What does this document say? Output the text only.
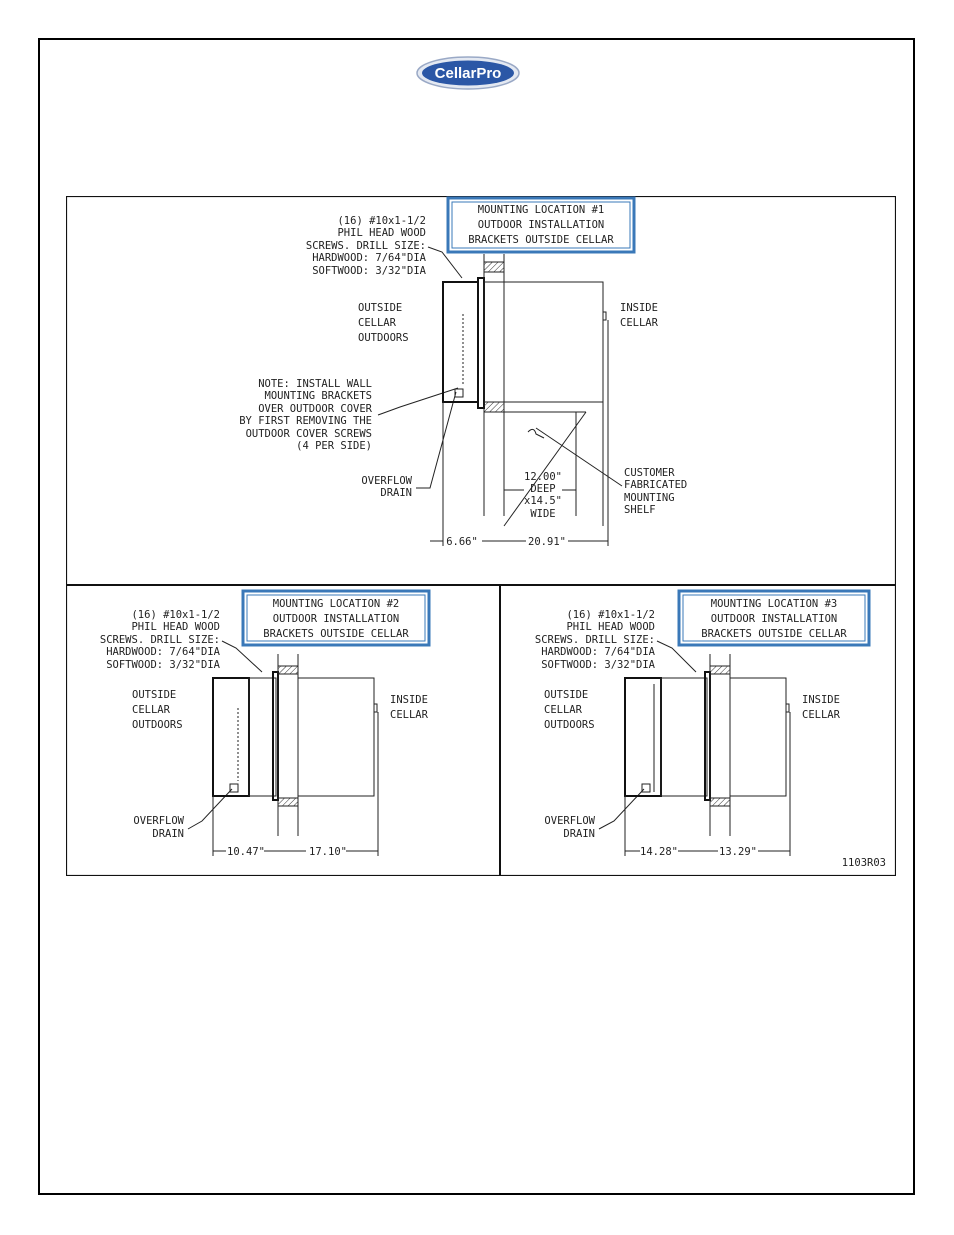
CellarPro
MOUNTING LOCATION #1
OUTDOOR INSTALLATION
BRACKETS OUTSIDE CELLAR
(16) #10x1-1/2
PHIL HEAD WOOD
SCREWS. DRILL SIZE:
HARDWOOD: 7/64"DIA
SOFTWOOD: 3/32"DIA
OUTSIDE
CELLAR
OUTDOORS
INSIDE
CELLAR
NOTE: INSTALL WALL
MOUNTING BRACKETS
OVER OUTDOOR COVER
BY FIRST REMOVING THE
OUTDOOR COVER SCREWS
(4 PER SIDE)
OVERFLOW
DRAIN
12.00"
DEEP
x14.5"
WIDE
CUSTOMER
FABRICATED
MOUNTING
SHELF
6.66"	20.91"
MOUNTING LOCATION #2
OUTDOOR INSTALLATION
BRACKETS OUTSIDE CELLAR
(16) #10x1-1/2
PHIL HEAD WOOD
SCREWS. DRILL SIZE:
HARDWOOD: 7/64"DIA
SOFTWOOD: 3/32"DIA
OUTSIDE
CELLAR
OUTDOORS
INSIDE
CELLAR
OVERFLOW
DRAIN
10.47"	17.10"
MOUNTING LOCATION #3
OUTDOOR INSTALLATION
BRACKETS OUTSIDE CELLAR
(16) #10x1-1/2
PHIL HEAD WOOD
SCREWS. DRILL SIZE:
HARDWOOD: 7/64"DIA
SOFTWOOD: 3/32"DIA
OUTSIDE
CELLAR
OUTDOORS
INSIDE
CELLAR
OVERFLOW
DRAIN
14.28"	13.29"
1103R03
